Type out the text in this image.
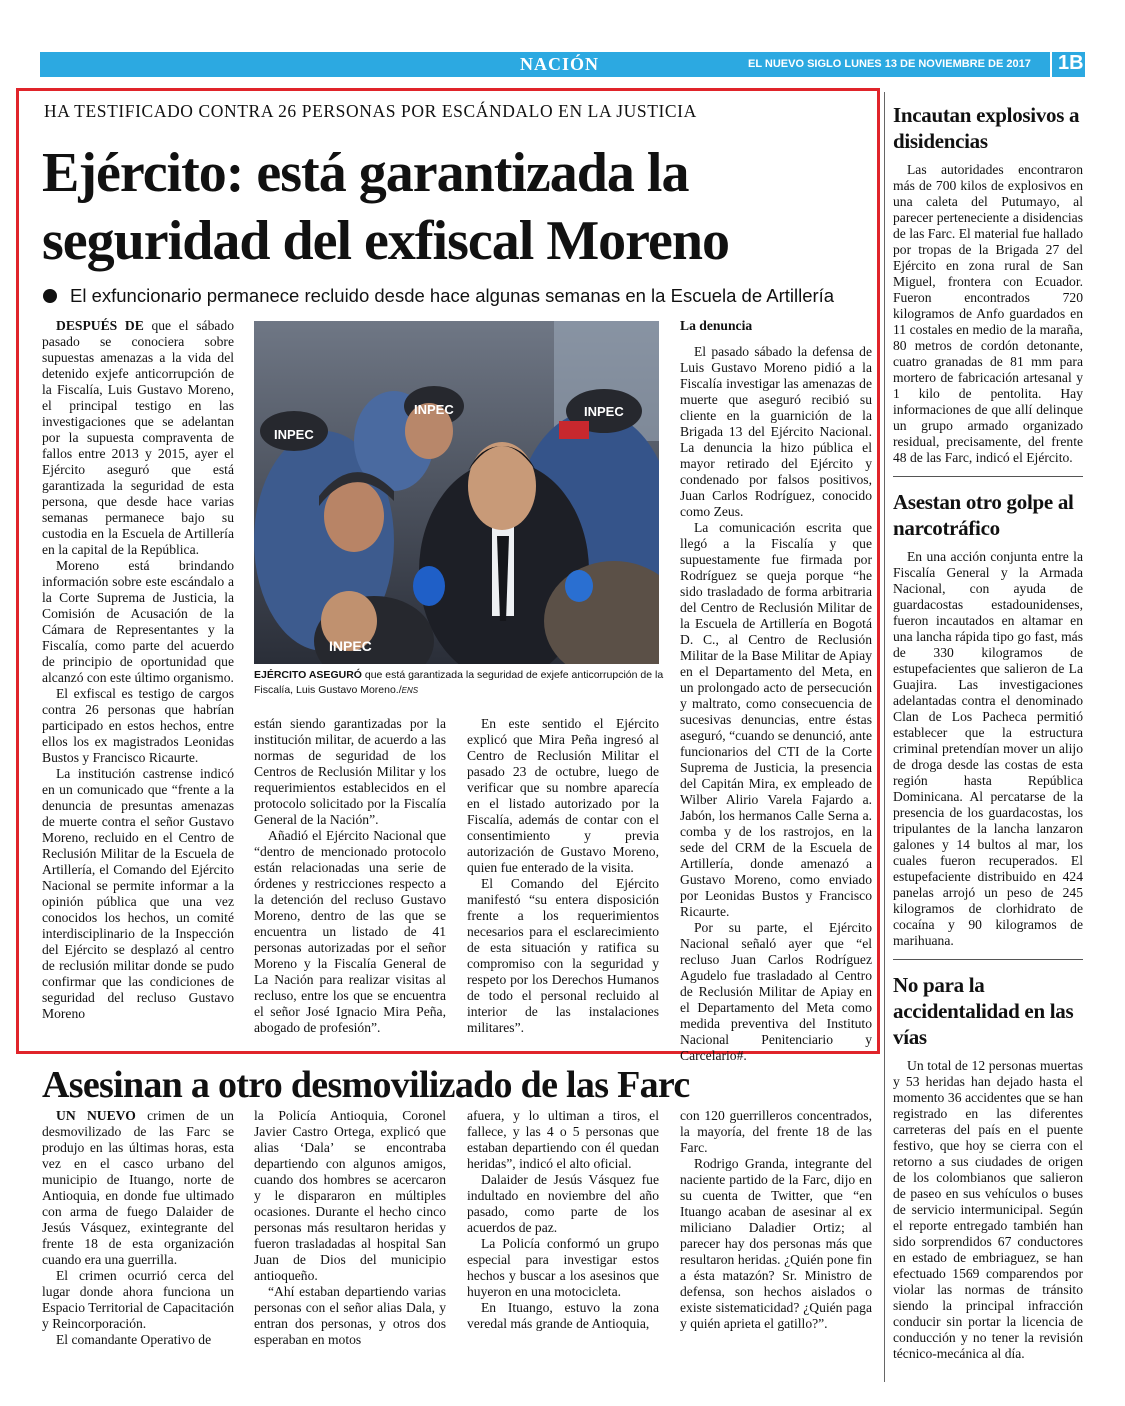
NACIÓN	EL NUEVO SIGLO LUNES 13 DE NOVIEMBRE DE 2017 1B
HA TESTIFICADO CONTRA 26 PERSONAS POR ESCÁNDALO EN LA JUSTICIA
Ejército: está garantizada la
seguridad del exfiscal Moreno
El exfuncionario permanece recluido desde hace algunas semanas en la Escuela de Artillería

DESPUÉS DE que el sábado pasado se conociera sobre supuestas amenazas a la vida del detenido exjefe anticorrupción de la Fiscalía, Luis Gustavo Moreno, el principal testigo en las investigaciones que se adelantan por la supuesta compraventa de fallos entre 2013 y 2015, ayer el Ejército aseguró que está garantizada la seguridad de esta persona, que desde hace varias semanas permanece bajo su custodia en la Escuela de Artillería en la capital de la República.

Moreno está brindando información sobre este escándalo a la Corte Suprema de Justicia, la Comisión de Acusación de la Cámara de Representantes y la Fiscalía, como parte del acuerdo de principio de oportunidad que alcanzó con este último organismo.

El exfiscal es testigo de cargos contra 26 personas que habrían participado en estos hechos, entre ellos los ex magistrados Leonidas Bustos y Francisco Ricaurte.

La institución castrense indicó en un comunicado que “frente a la denuncia de presuntas amenazas de muerte contra el señor Gustavo Moreno, recluido en el Centro de Reclusión Militar de la Escuela de Artillería, el Comando del Ejército Nacional se permite informar a la opinión pública que una vez conocidos los hechos, un comité interdisciplinario de la Inspección del Ejército se desplazó al centro de reclusión militar donde se pudo confirmar que las condiciones de seguridad del recluso Gustavo Moreno

INPEC
INPEC
INPEC
INPEC
EJÉRCITO ASEGURÓ que está garantizada la seguridad de exjefe anticorrupción de la Fiscalía, Luis Gustavo Moreno./ENS

están siendo garantizadas por la institución militar, de acuerdo a las normas de seguridad de los Centros de Reclusión Militar y los requerimientos establecidos en el protocolo solicitado por la Fiscalía General de la Nación”.

Añadió el Ejército Nacional que “dentro de mencionado protocolo están relacionadas una serie de órdenes y restricciones respecto a la detención del recluso Gustavo Moreno, dentro de las que se encuentra un listado de 41 personas autorizadas por el señor Moreno y la Fiscalía General de La Nación para realizar visitas al recluso, entre los que se encuentra el señor José Ignacio Mira Peña, abogado de profesión”.

En este sentido el Ejército explicó que Mira Peña ingresó al Centro de Reclusión Militar el pasado 23 de octubre, luego de verificar que su nombre aparecía en el listado autorizado por la Fiscalía, además de contar con el consentimiento y previa autorización de Gustavo Moreno, quien fue enterado de la visita.

El Comando del Ejército manifestó “su entera disposición frente a los requerimientos necesarios para el esclarecimiento de esta situación y ratifica su compromiso con la seguridad y respeto por los Derechos Humanos de todo el personal recluido al interior de las instalaciones militares”.

La denuncia

El pasado sábado la defensa de Luis Gustavo Moreno pidió a la Fiscalía investigar las amenazas de muerte que aseguró recibió su cliente en la guarnición de la Brigada 13 del Ejército Nacional. La denuncia la hizo pública el mayor retirado del Ejército y condenado por falsos positivos, Juan Carlos Rodríguez, conocido como Zeus.

La comunicación escrita que llegó a la Fiscalía y que supuestamente fue firmada por Rodríguez se queja porque “he sido trasladado de forma arbitraria del Centro de Reclusión Militar de la Escuela de Artillería en Bogotá D. C., al Centro de Reclusión Militar de la Base Militar de Apiay en el Departamento del Meta, en un prolongado acto de persecución y maltrato, como consecuencia de sucesivas denuncias, entre éstas aseguró, “cuando se denunció, ante funcionarios del CTI de la Corte Suprema de Justicia, la presencia del Capitán Mira, ex empleado de Wilber Alirio Varela Fajardo a. Jabón, los hermanos Calle Serna a. comba y de los rastrojos, en la sede del CRM de la Escuela de Artillería, donde amenazó a Gustavo Moreno, como enviado por Leonidas Bustos y Francisco Ricaurte.

Por su parte, el Ejército Nacional señaló ayer que “el recluso Juan Carlos Rodríguez Agudelo fue trasladado al Centro de Reclusión Militar de Apiay en el Departamento del Meta como medida preventiva del Instituto Nacional Penitenciario y Carcelario#.

Incautan explosivos a disidencias

Las autoridades encontraron más de 700 kilos de explosivos en una caleta del Putumayo, al parecer perteneciente a disidencias de las Farc. El material fue hallado por tropas de la Brigada 27 del Ejército en zona rural de San Miguel, frontera con Ecuador. Fueron encontrados 720 kilogramos de Anfo guardados en 11 costales en medio de la maraña, 80 metros de cordón detonante, cuatro granadas de 81 mm para mortero de fabricación artesanal y 1 kilo de pentolita. Hay informaciones de que allí delinque un grupo armado organizado residual, precisamente, del frente 48 de las Farc, indicó el Ejército.

Asestan otro golpe al narcotráfico

En una acción conjunta entre la Fiscalía General y la Armada Nacional, con ayuda de guardacostas estadounidenses, fueron incautados en altamar en una lancha rápida tipo go fast, más de 330 kilogramos de estupefacientes que salieron de La Guajira. Las investigaciones adelantadas contra el denominado Clan de Los Pacheca permitió establecer que la estructura criminal pretendían mover un alijo de droga desde las costas de esta región hasta República Dominicana. Al percatarse de la presencia de los guardacostas, los tripulantes de la lancha lanzaron galones y 14 bultos al mar, los cuales fueron recuperados. El estupefaciente distribuido en 424 panelas arrojó un peso de 245 kilogramos de clorhidrato de cocaína y 90 kilogramos de marihuana.

No para la accidentalidad en las vías

Un total de 12 personas muertas y 53 heridas han dejado hasta el momento 36 accidentes que se han registrado en las diferentes carreteras del país en el puente festivo, que hoy se cierra con el retorno a sus ciudades de origen de los colombianos que salieron de paseo en sus vehículos o buses de servicio intermunicipal. Según el reporte entregado también han sido sorprendidos 67 conductores en estado de embriaguez, se han efectuado 1569 comparendos por violar las normas de tránsito siendo la principal infracción conducir sin portar la licencia de conducción y no tener la revisión técnico-mecánica al día.

Asesinan a otro desmovilizado de las Farc

UN NUEVO crimen de un desmovilizado de las Farc se produjo en las últimas horas, esta vez en el casco urbano del municipio de Ituango, norte de Antioquia, en donde fue ultimado con arma de fuego Dalaider de Jesús Vásquez, exintegrante del frente 18 de esta organización cuando era una guerrilla.

El crimen ocurrió cerca del lugar donde ahora funciona un Espacio Territorial de Capacitación y Reincorporación.

El comandante Operativo de

la Policía Antioquia, Coronel Javier Castro Ortega, explicó que alias ‘Dala’ se encontraba departiendo con algunos amigos, cuando dos hombres se acercaron y le dispararon en múltiples ocasiones. Durante el hecho cinco personas más resultaron heridas y fueron trasladadas al hospital San Juan de Dios del municipio antioqueño.

“Ahí estaban departiendo varias personas con el señor alias Dala, y entran dos personas, y otros dos esperaban en motos

afuera, y lo ultiman a tiros, el fallece, y las 4 o 5 personas que estaban departiendo con él quedan heridas”, indicó el alto oficial.

Dalaider de Jesús Vásquez fue indultado en noviembre del año pasado, como parte de los acuerdos de paz.

La Policía conformó un grupo especial para investigar estos hechos y buscar a los asesinos que huyeron en una motocicleta.

En Ituango, estuvo la zona veredal más grande de Antioquia,

con 120 guerrilleros concentrados, la mayoría, del frente 18 de las Farc.

Rodrigo Granda, integrante del naciente partido de la Farc, dijo en su cuenta de Twitter, que “en Ituango acaban de asesinar al ex miliciano Daladier Ortiz; al parecer hay dos personas más que resultaron heridas. ¿Quién pone fin a ésta matazón? Sr. Ministro de defensa, son hechos aislados o existe sistematicidad? ¿Quién paga y quién aprieta el gatillo?”.
